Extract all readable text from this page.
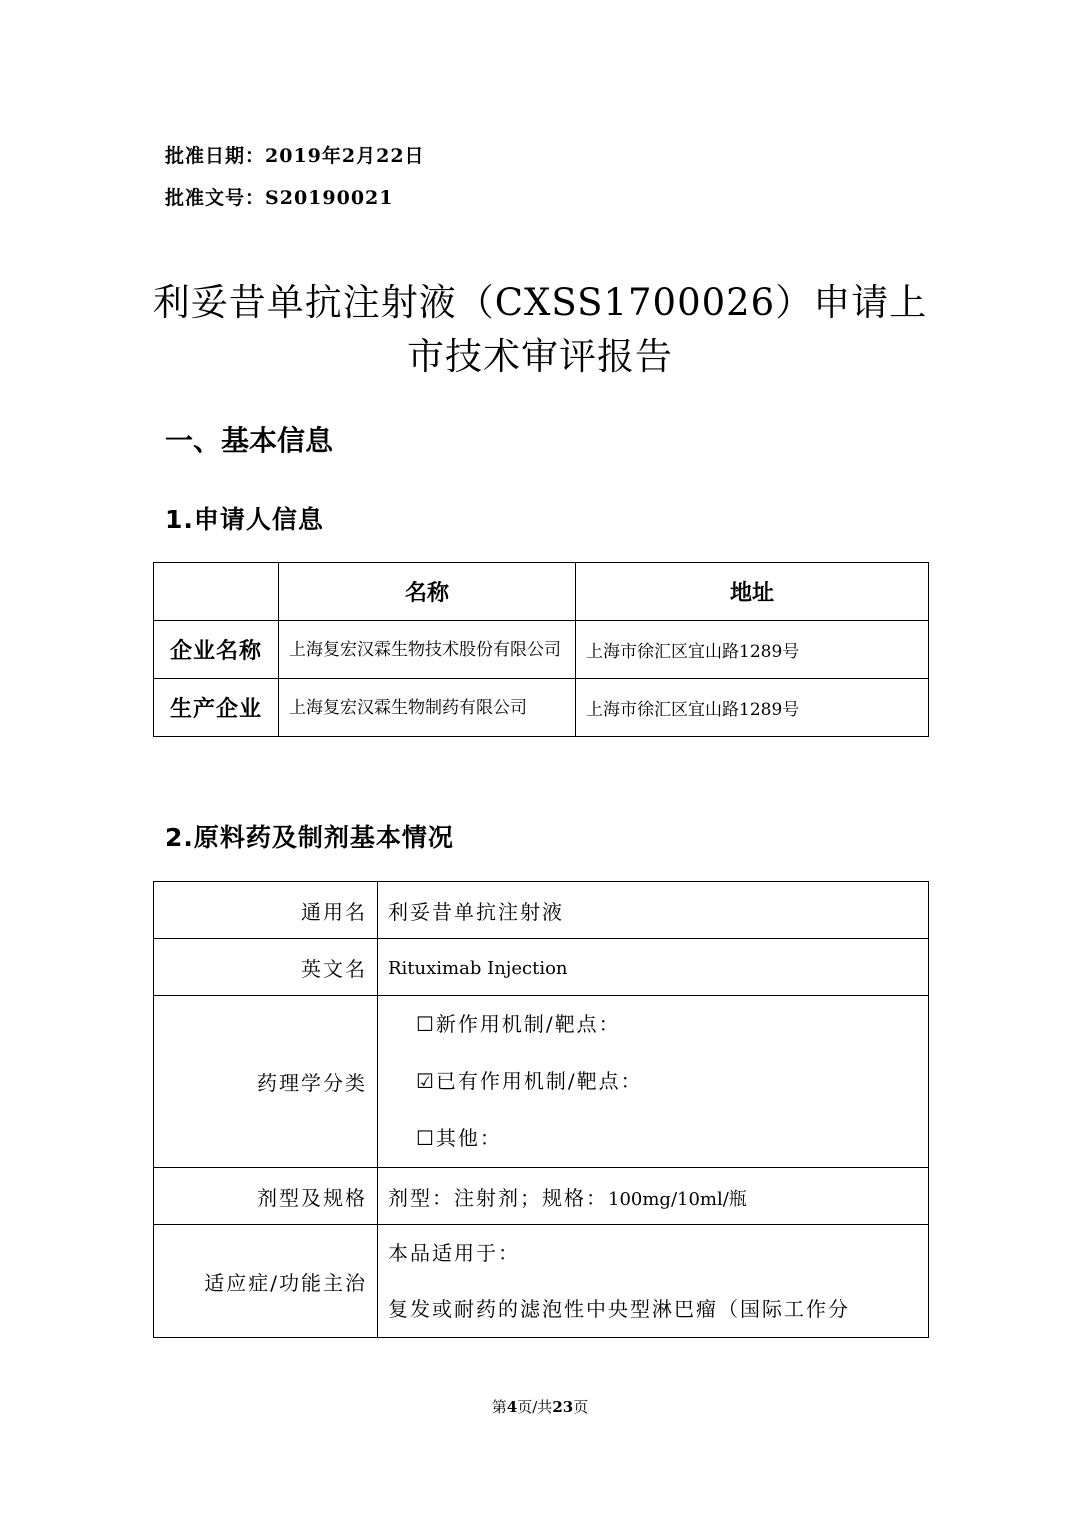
批准日期：2019年2月22日
批准文号：S20190021
利妥昔单抗注射液（CXSS1700026）申请上
市技术审评报告
一、基本信息
1.申请人信息
	名称	地址
企业名称	上海复宏汉霖生物技术股份有限公司	上海市徐汇区宜山路1289号
生产企业	上海复宏汉霖生物制药有限公司	上海市徐汇区宜山路1289号
2.原料药及制剂基本情况
通用名	利妥昔单抗注射液
英文名	Rituximab Injection
药理学分类	☐新作用机制/靶点：
☑已有作用机制/靶点：
☐其他：

剂型及规格	剂型：注射剂；规格：100mg/10ml/瓶
适应症/功能主治	本品适用于：
复发或耐药的滤泡性中央型淋巴瘤（国际工作分
第4页/共23页
